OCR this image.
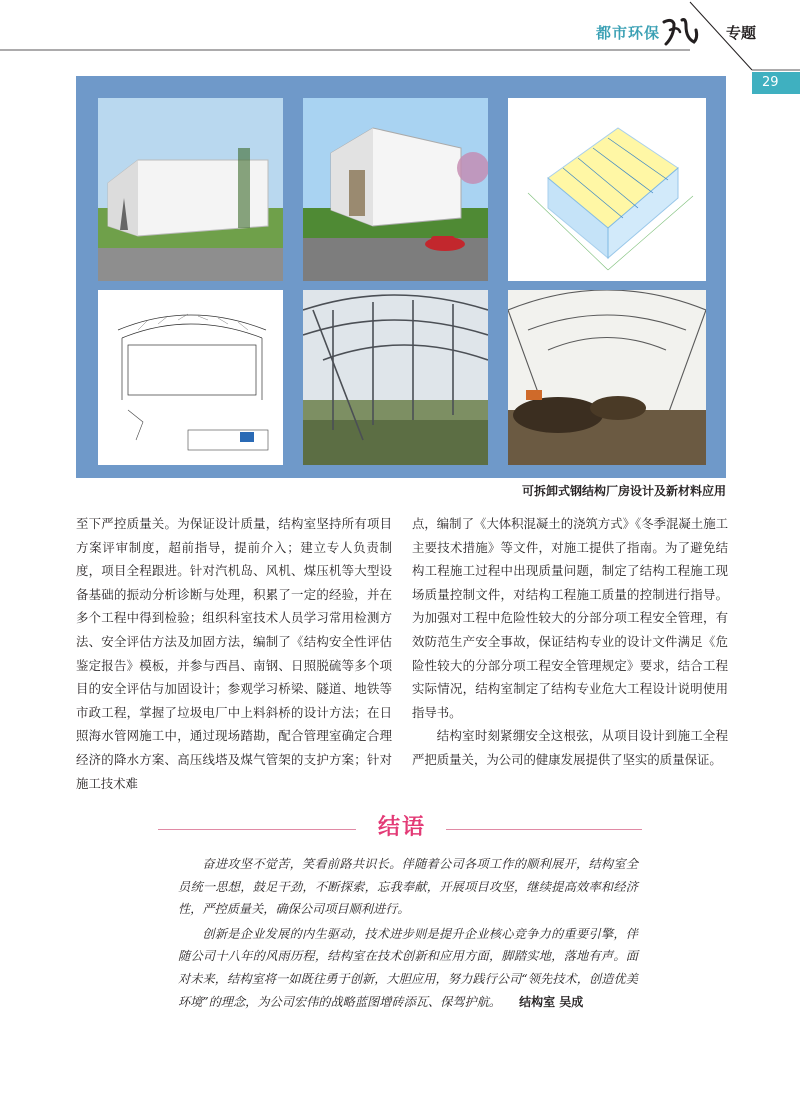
都市环保	专题
29
可拆卸式钢结构厂房设计及新材料应用

至下严控质量关。为保证设计质量，结构室坚持所有项目方案评审制度，超前指导，提前介入；建立专人负责制度，项目全程跟进。针对汽机岛、风机、煤压机等大型设备基础的振动分析诊断与处理，积累了一定的经验，并在多个工程中得到检验；组织科室技术人员学习常用检测方法、安全评估方法及加固方法，编制了《结构安全性评估鉴定报告》模板，并参与西昌、南钢、日照脱硫等多个项目的安全评估与加固设计；参观学习桥梁、隧道、地铁等市政工程，掌握了垃圾电厂中上料斜桥的设计方法；在日照海水管网施工中，通过现场踏勘，配合管理室确定合理经济的降水方案、高压线塔及煤气管架的支护方案；针对施工技术难

点，编制了《大体积混凝土的浇筑方式》《冬季混凝土施工主要技术措施》等文件，对施工提供了指南。为了避免结构工程施工过程中出现质量问题，制定了结构工程施工现场质量控制文件，对结构工程施工质量的控制进行指导。为加强对工程中危险性较大的分部分项工程安全管理，有效防范生产安全事故，保证结构专业的设计文件满足《危险性较大的分部分项工程安全管理规定》要求，结合工程实际情况，结构室制定了结构专业危大工程设计说明使用指导书。

结构室时刻紧绷安全这根弦，从项目设计到施工全程严把质量关，为公司的健康发展提供了坚实的质量保证。

结语

奋进攻坚不觉苦，笑看前路共识长。伴随着公司各项工作的顺利展开，结构室全员统一思想，鼓足干劲，不断探索，忘我奉献，开展项目攻坚，继续提高效率和经济性，严控质量关，确保公司项目顺利进行。

创新是企业发展的内生驱动，技术进步则是提升企业核心竞争力的重要引擎，伴随公司十八年的风雨历程，结构室在技术创新和应用方面，脚踏实地，落地有声。面对未来，结构室将一如既往勇于创新，大胆应用，努力践行公司“领先技术，创造优美环境”的理念，为公司宏伟的战略蓝图增砖添瓦、保驾护航。 结构室 吴成
